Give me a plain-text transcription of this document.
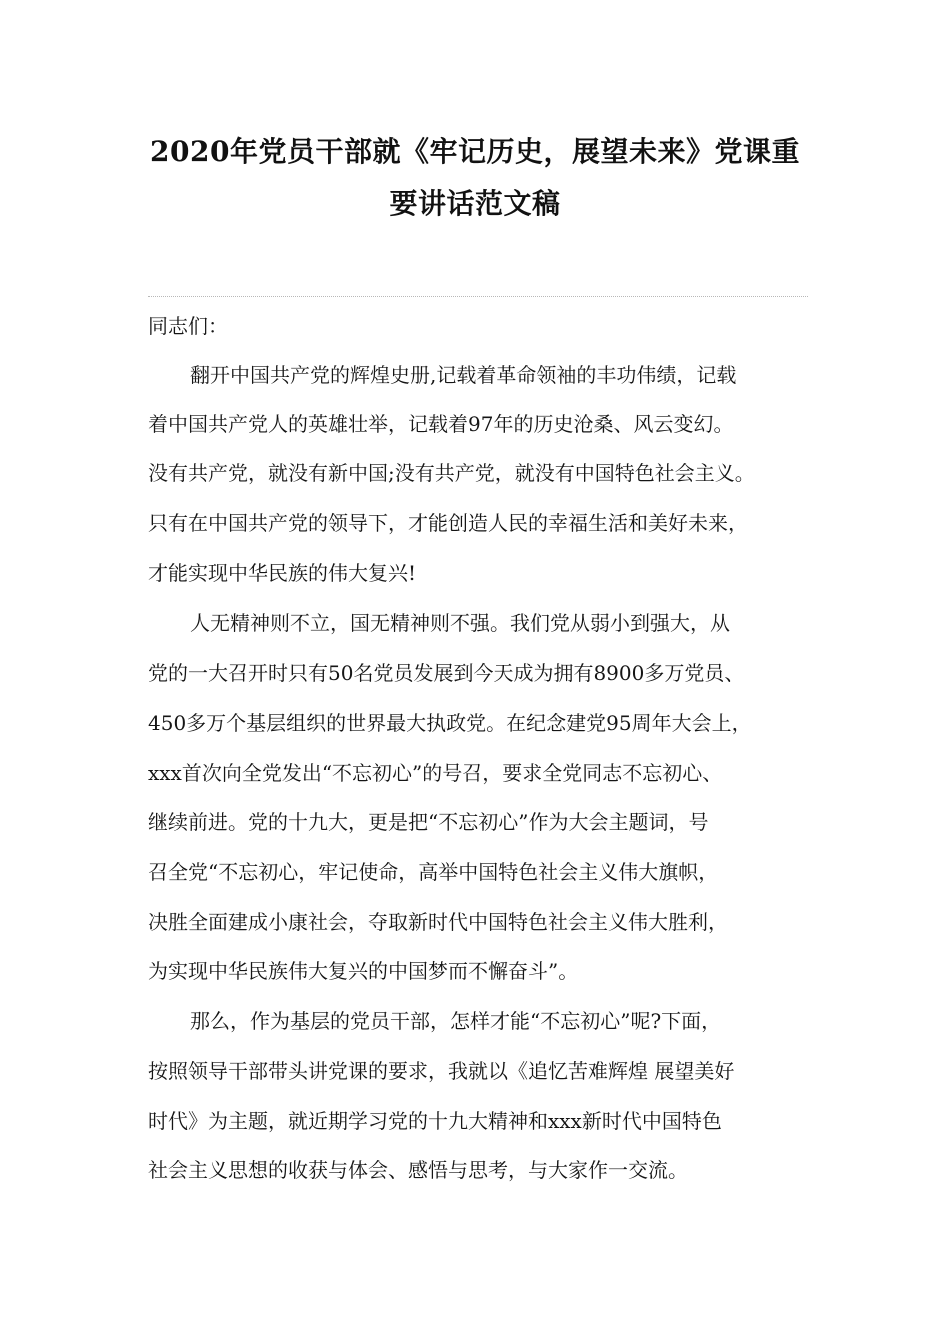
2020年党员干部就《牢记历史，展望未来》党课重
要讲话范文稿
同志们：
翻开中国共产党的辉煌史册,记载着革命领袖的丰功伟绩，记载
着中国共产党人的英雄壮举，记载着97年的历史沧桑、风云变幻。
没有共产党，就没有新中国;没有共产党，就没有中国特色社会主义。
只有在中国共产党的领导下，才能创造人民的幸福生活和美好未来，
才能实现中华民族的伟大复兴!
人无精神则不立，国无精神则不强。我们党从弱小到强大，从
党的一大召开时只有50名党员发展到今天成为拥有8900多万党员、
450多万个基层组织的世界最大执政党。在纪念建党95周年大会上，
xxx首次向全党发出“不忘初心”的号召，要求全党同志不忘初心、
继续前进。党的十九大，更是把“不忘初心”作为大会主题词，号
召全党“不忘初心，牢记使命，高举中国特色社会主义伟大旗帜，
决胜全面建成小康社会，夺取新时代中国特色社会主义伟大胜利，
为实现中华民族伟大复兴的中国梦而不懈奋斗”。
那么，作为基层的党员干部，怎样才能“不忘初心”呢?下面，
按照领导干部带头讲党课的要求，我就以《追忆苦难辉煌 展望美好
时代》为主题，就近期学习党的十九大精神和xxx新时代中国特色
社会主义思想的收获与体会、感悟与思考，与大家作一交流。
